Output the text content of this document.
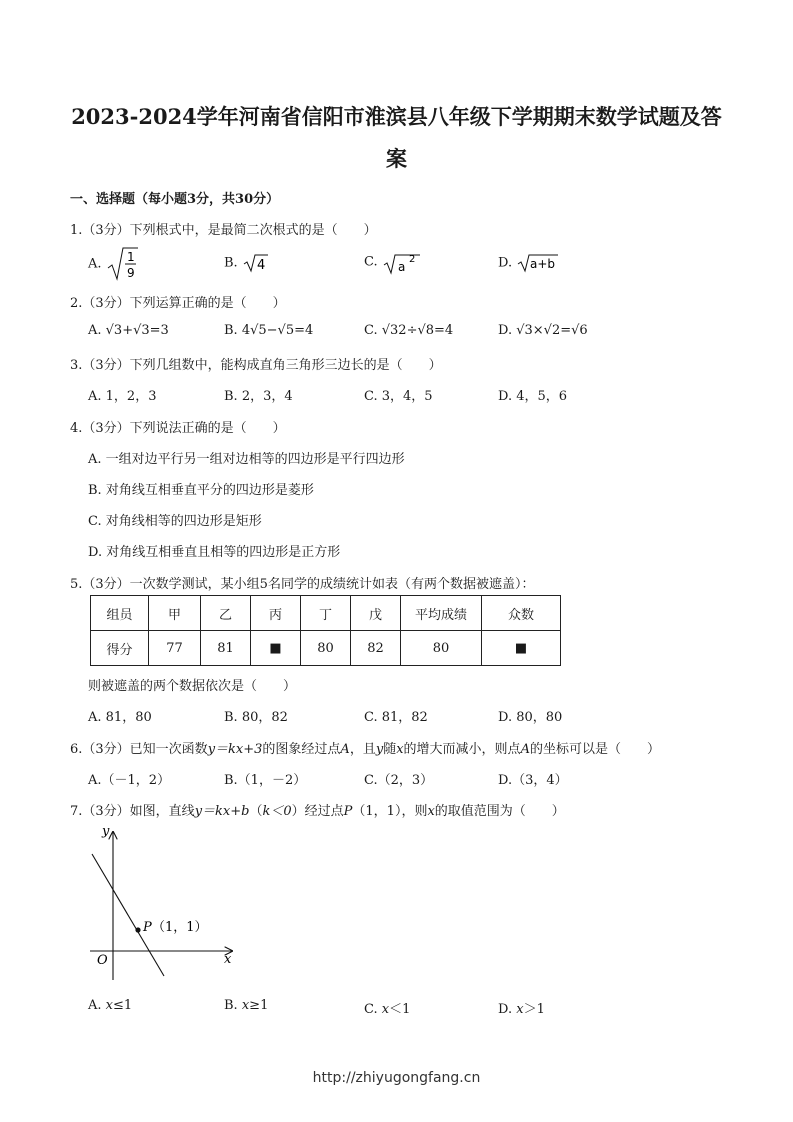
2023-2024学年河南省信阳市淮滨县八年级下学期期末数学试题及答
案
一、选择题（每小题3分，共30分）
1.（3分）下列根式中，是最简二次根式的是（　　）
A. 1
9
B. 4	C. a
2	D. a+b
2.（3分）下列运算正确的是（　　）
A. √3+√3=3	B. 4√5−√5=4	C. √32÷√8=4	D. √3×√2=√6
3.（3分）下列几组数中，能构成直角三角形三边长的是（　　）
A. 1，2，3	B. 2，3，4	C. 3，4，5	D. 4，5，6
4.（3分）下列说法正确的是（　　）
A. 一组对边平行另一组对边相等的四边形是平行四边形
B. 对角线互相垂直平分的四边形是菱形
C. 对角线相等的四边形是矩形
D. 对角线互相垂直且相等的四边形是正方形
5.（3分）一次数学测试，某小组5名同学的成绩统计如表（有两个数据被遮盖）：
组员	甲	乙	丙	丁	戊	平均成绩	众数
得分	77	81	■	80	82	80	■
则被遮盖的两个数据依次是（　　）
A. 81，80	B. 80，82	C. 81，82	D. 80，80
6.（3分）已知一次函数y＝kx+3的图象经过点A，且y随x的增大而减小，则点A的坐标可以是（　　）
A.（－1，2）	B.（1，－2）	C.（2，3）	D.（3，4）
7.（3分）如图，直线y＝kx+b（k＜0）经过点P（1，1），则x的取值范围为（　　）
y
x
O
P （1，1）
A. x≤1	B. x≥1	C. x＜1	D. x＞1
http://zhiyugongfang.cn
